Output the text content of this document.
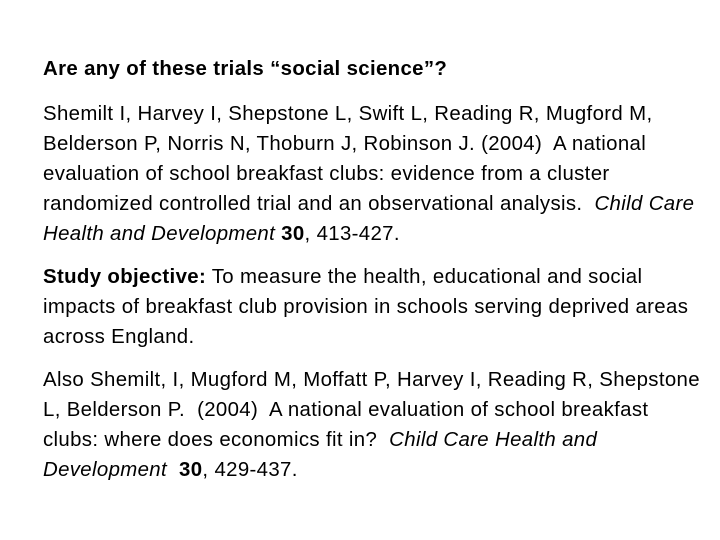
Are any of these trials “social science”?

Shemilt I, Harvey I, Shepstone L, Swift L, Reading R, Mugford M, Belderson P, Norris N, Thoburn J, Robinson J. (2004) A national evaluation of school breakfast clubs: evidence from a cluster randomized controlled trial and an observational analysis. Child Care Health and Development 30, 413-427.

Study objective: To measure the health, educational and social impacts of breakfast club provision in schools serving deprived areas across England.

Also Shemilt, I, Mugford M, Moffatt P, Harvey I, Reading R, Shepstone L, Belderson P. (2004) A national evaluation of school breakfast clubs: where does economics fit in? Child Care Health and Development 30, 429-437.
